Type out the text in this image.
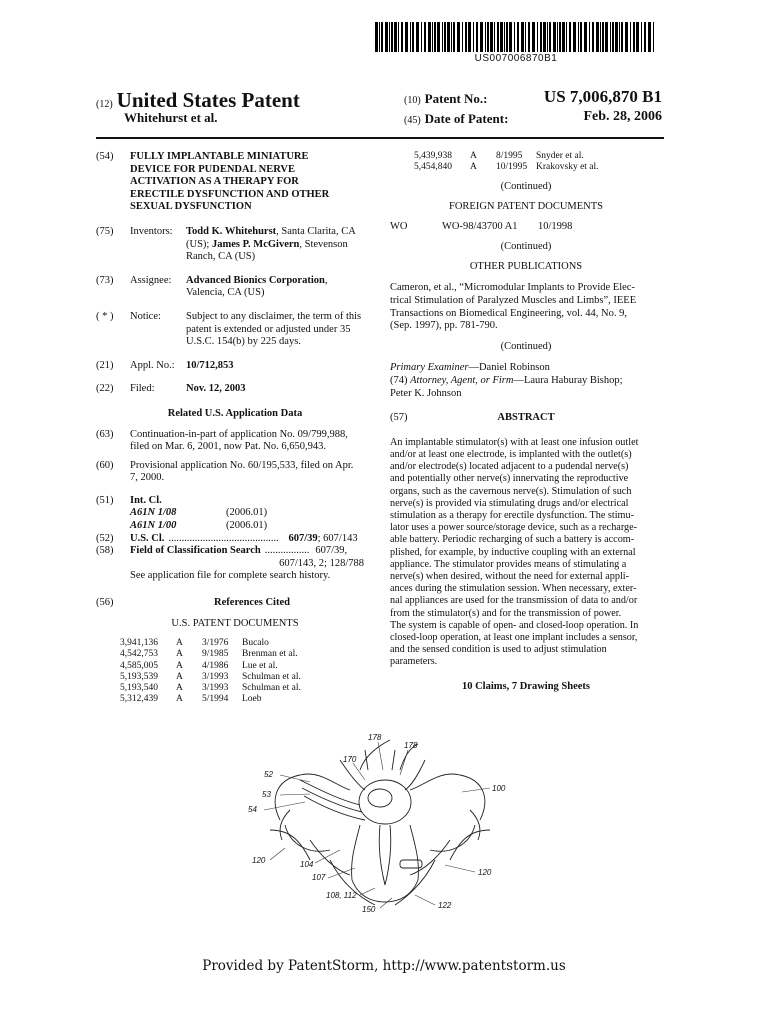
US007006870B1
(12) United States Patent
Whitehurst et al.
(10) Patent No.:	US 7,006,870 B1
(45) Date of Patent:	Feb. 28, 2006
(54)	FULLY IMPLANTABLE MINIATURE
DEVICE FOR PUDENDAL NERVE
ACTIVATION AS A THERAPY FOR
ERECTILE DYSFUNCTION AND OTHER
SEXUAL DYSFUNCTION
(75)	Inventors:	Todd K. Whitehurst, Santa Clarita, CA
(US); James P. McGivern, Stevenson
Ranch, CA (US)
(73)	Assignee:	Advanced Bionics Corporation,
Valencia, CA (US)
( * )	Notice:	Subject to any disclaimer, the term of this
patent is extended or adjusted under 35
U.S.C. 154(b) by 225 days.
(21)	Appl. No.:	10/712,853
(22)	Filed:	Nov. 12, 2003
Related U.S. Application Data
(63)	Continuation-in-part of application No. 09/799,988,
filed on Mar. 6, 2001, now Pat. No. 6,650,943.
(60)	Provisional application No. 60/195,533, filed on Apr.
7, 2000.
(51)	Int. Cl.
A61N 1/08	(2006.01)
A61N 1/00	(2006.01)
(52)	U.S. Cl. .......................................... 607/39; 607/143
(58)	Field of Classification Search ................. 607/39,
607/143, 2; 128/788
See application file for complete search history.
(56)	References Cited
U.S. PATENT DOCUMENTS
3,941,136	A	3/1976	Bucalo
4,542,753	A	9/1985	Brenman et al.
4,585,005	A	4/1986	Lue et al.
5,193,539	A	3/1993	Schulman et al.
5,193,540	A	3/1993	Schulman et al.
5,312,439	A	5/1994	Loeb
5,439,938	A	8/1995	Snyder et al.
5,454,840	A	10/1995 Krakovsky et al.
(Continued)
FOREIGN PATENT DOCUMENTS
WO	WO-98/43700 A1	10/1998
(Continued)
OTHER PUBLICATIONS
Cameron, et al., “Micromodular Implants to Provide Elec-
trical Stimulation of Paralyzed Muscles and Limbs”, IEEE
Transactions on Biomedical Engineering, vol. 44, No. 9,
(Sep. 1997), pp. 781-790.
(Continued)
Primary Examiner—Daniel Robinson
(74) Attorney, Agent, or Firm—Laura Haburay Bishop;
Peter K. Johnson
(57)	ABSTRACT
An implantable stimulator(s) with at least one infusion outlet
and/or at least one electrode, is implanted with the outlet(s)
and/or electrode(s) located adjacent to a pudendal nerve(s)
and potentially other nerve(s) innervating the reproductive
organs, such as the cavernous nerve(s). Stimulation of such
nerve(s) is provided via stimulating drugs and/or electrical
stimulation as a therapy for erectile dysfunction. The stimu-
lator uses a power source/storage device, such as a recharge-
able battery. Periodic recharging of such a battery is accom-
plished, for example, by inductive coupling with an external
appliance. The stimulator provides means of stimulating a
nerve(s) when desired, without the need for external appli-
ances during the stimulation session. When necessary, exter-
nal appliances are used for the transmission of data to and/or
from the stimulator(s) and for the transmission of power.
The system is capable of open- and closed-loop operation. In
closed-loop operation, at least one implant includes a sensor,
and the sensed condition is used to adjust stimulation
parameters.
10 Claims, 7 Drawing Sheets
178
178
170
52
53
54
100
120	104
107
120
108, 112
150	122
Provided by PatentStorm, http://www.patentstorm.us
